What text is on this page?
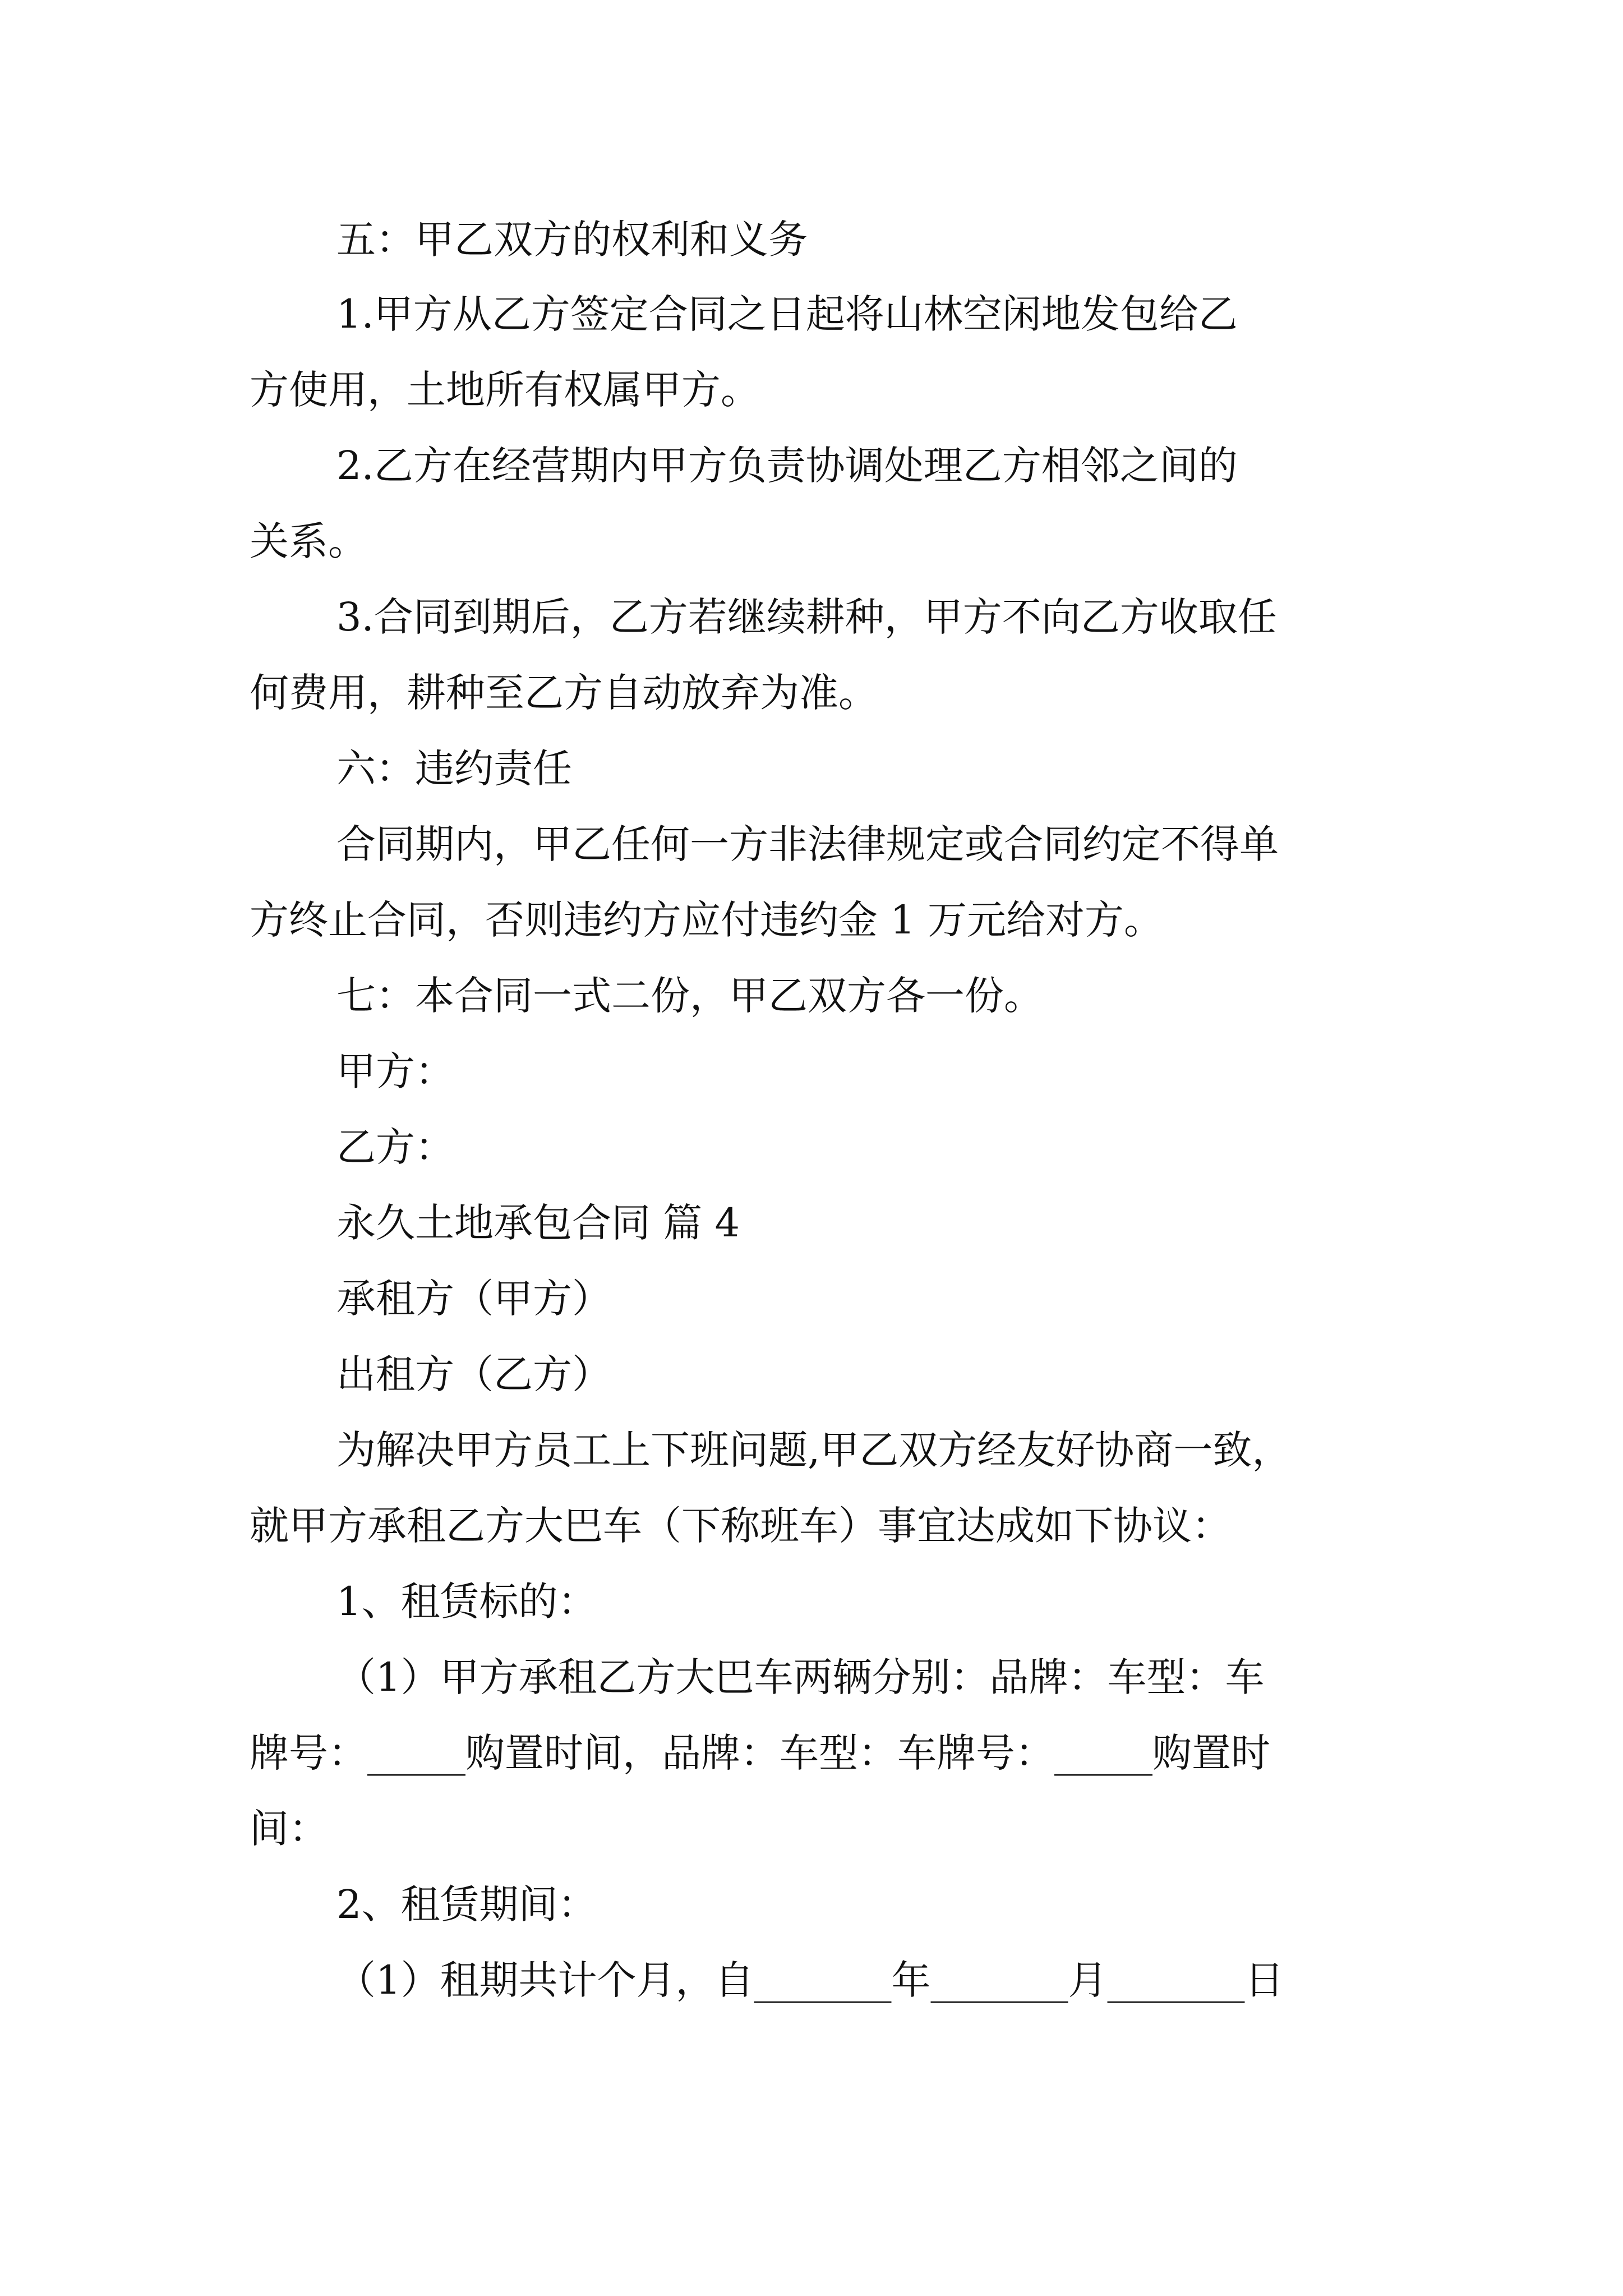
五：甲乙双方的权利和义务

1.甲方从乙方签定合同之日起将山林空闲地发包给乙

方使用，土地所有权属甲方。

2.乙方在经营期内甲方负责协调处理乙方相邻之间的

关系。

3.合同到期后，乙方若继续耕种，甲方不向乙方收取任

何费用，耕种至乙方自动放弃为准。

六：违约责任

合同期内，甲乙任何一方非法律规定或合同约定不得单

方终止合同，否则违约方应付违约金 1 万元给对方。

七：本合同一式二份，甲乙双方各一份。

甲方：

乙方：

永久土地承包合同 篇 4

承租方（甲方）

出租方（乙方）

为解决甲方员工上下班问题,甲乙双方经友好协商一致，

就甲方承租乙方大巴车（下称班车）事宜达成如下协议：

1、租赁标的：

（1）甲方承租乙方大巴车两辆分别：品牌：车型：车

牌号：_____购置时间，品牌：车型：车牌号：_____购置时

间：

2、租赁期间：

（1）租期共计个月，自_______年_______月_______日
